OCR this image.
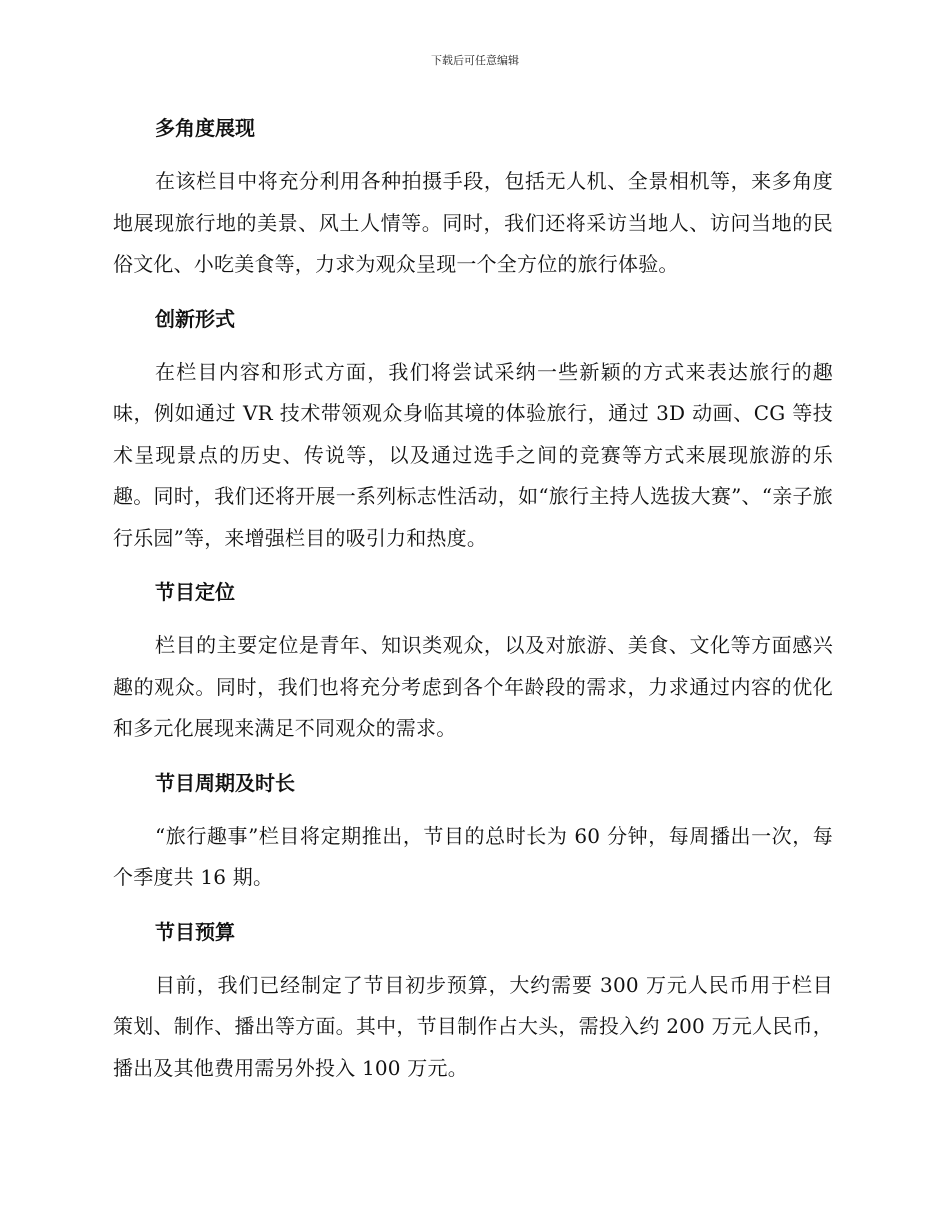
下载后可任意编辑
多角度展现

在该栏目中将充分利用各种拍摄手段，包括无人机、全景相机等，来多角度地展现旅行地的美景、风土人情等。同时，我们还将采访当地人、访问当地的民俗文化、小吃美食等，力求为观众呈现一个全方位的旅行体验。

创新形式

在栏目内容和形式方面，我们将尝试采纳一些新颖的方式来表达旅行的趣味，例如通过 VR 技术带领观众身临其境的体验旅行，通过 3D 动画、CG 等技术呈现景点的历史、传说等，以及通过选手之间的竞赛等方式来展现旅游的乐趣。同时，我们还将开展一系列标志性活动，如“旅行主持人选拔大赛”、“亲子旅行乐园”等，来增强栏目的吸引力和热度。

节目定位

栏目的主要定位是青年、知识类观众，以及对旅游、美食、文化等方面感兴趣的观众。同时，我们也将充分考虑到各个年龄段的需求，力求通过内容的优化和多元化展现来满足不同观众的需求。

节目周期及时长

“旅行趣事”栏目将定期推出，节目的总时长为 60 分钟，每周播出一次，每个季度共 16 期。

节目预算

目前，我们已经制定了节目初步预算，大约需要 300 万元人民币用于栏目策划、制作、播出等方面。其中，节目制作占大头，需投入约 200 万元人民币，播出及其他费用需另外投入 100 万元。
